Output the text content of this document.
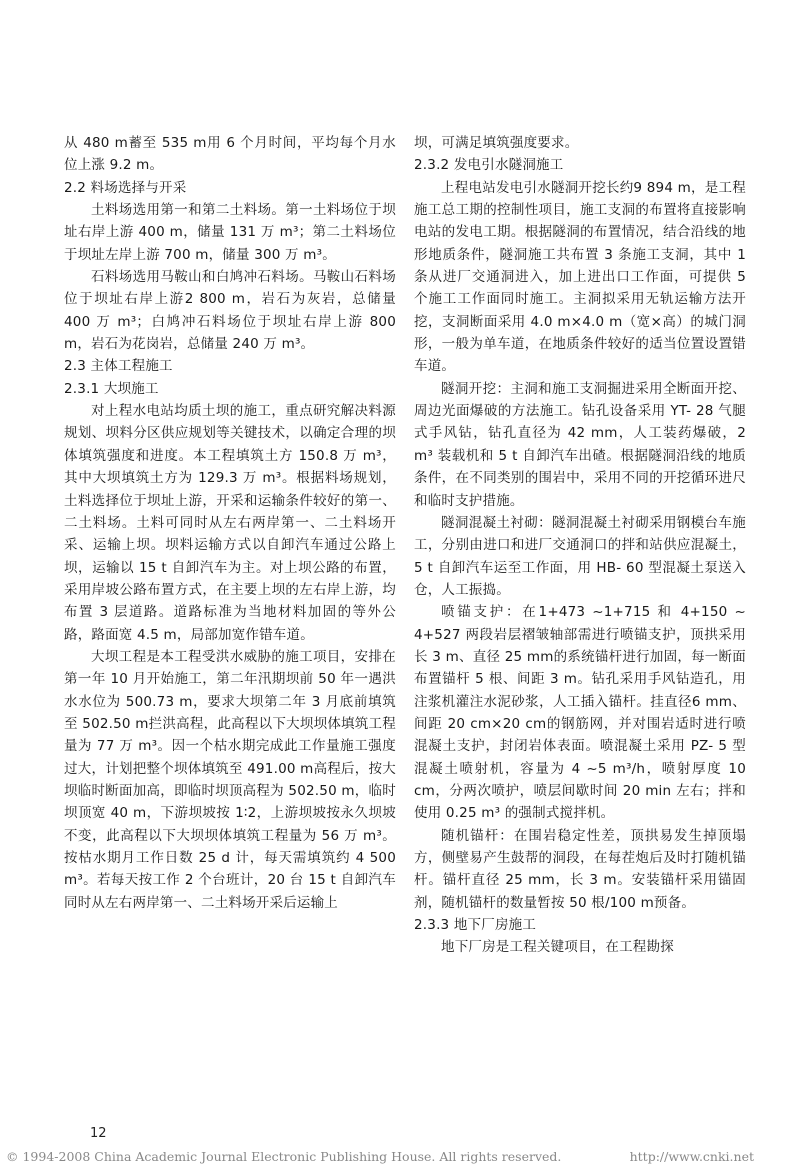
从 480 m蓄至 535 m用 6 个月时间，平均每个月水位上涨 9.2 m。

2.2 料场选择与开采

土料场选用第一和第二土料场。第一土料场位于坝址右岸上游 400 m，储量 131 万 m³；第二土料场位于坝址左岸上游 700 m，储量 300 万 m³。

石料场选用马鞍山和白鸠冲石料场。马鞍山石料场位于坝址右岸上游2 800 m，岩石为灰岩，总储量 400 万 m³；白鸠冲石料场位于坝址右岸上游 800 m，岩石为花岗岩，总储量 240 万 m³。

2.3 主体工程施工

2.3.1 大坝施工

对上程水电站均质土坝的施工，重点研究解决料源规划、坝料分区供应规划等关键技术，以确定合理的坝体填筑强度和进度。本工程填筑土方 150.8 万 m³，其中大坝填筑土方为 129.3 万 m³。根据料场规划，土料选择位于坝址上游，开采和运输条件较好的第一、二土料场。土料可同时从左右两岸第一、二土料场开采、运输上坝。坝料运输方式以自卸汽车通过公路上坝，运输以 15 t 自卸汽车为主。对上坝公路的布置，采用岸坡公路布置方式，在主要上坝的左右岸上游，均布置 3 层道路。道路标准为当地材料加固的等外公路，路面宽 4.5 m，局部加宽作错车道。

大坝工程是本工程受洪水威胁的施工项目，安排在第一年 10 月开始施工，第二年汛期坝前 50 年一遇洪水水位为 500.73 m，要求大坝第二年 3 月底前填筑至 502.50 m拦洪高程，此高程以下大坝坝体填筑工程量为 77 万 m³。因一个枯水期完成此工作量施工强度过大，计划把整个坝体填筑至 491.00 m高程后，按大坝临时断面加高，即临时坝顶高程为 502.50 m，临时坝顶宽 40 m，下游坝坡按 1∶2，上游坝坡按永久坝坡不变，此高程以下大坝坝体填筑工程量为 56 万 m³。按枯水期月工作日数 25 d 计，每天需填筑约 4 500 m³。若每天按工作 2 个台班计，20 台 15 t 自卸汽车同时从左右两岸第一、二土料场开采后运输上

坝，可满足填筑强度要求。

2.3.2 发电引水隧洞施工

上程电站发电引水隧洞开挖长约9 894 m，是工程施工总工期的控制性项目，施工支洞的布置将直接影响电站的发电工期。根据隧洞的布置情况，结合沿线的地形地质条件，隧洞施工共布置 3 条施工支洞，其中 1 条从进厂交通洞进入，加上进出口工作面，可提供 5 个施工工作面同时施工。主洞拟采用无轨运输方法开挖，支洞断面采用 4.0 m×4.0 m（宽×高）的城门洞形，一般为单车道，在地质条件较好的适当位置设置错车道。

隧洞开挖：主洞和施工支洞掘进采用全断面开挖、周边光面爆破的方法施工。钻孔设备采用 YT- 28 气腿式手风钻，钻孔直径为 42 mm，人工装药爆破，2 m³ 装载机和 5 t 自卸汽车出碴。根据隧洞沿线的地质条件，在不同类别的围岩中，采用不同的开挖循环进尺和临时支护措施。

隧洞混凝土衬砌：隧洞混凝土衬砌采用钢模台车施工，分别由进口和进厂交通洞口的拌和站供应混凝土，5 t 自卸汽车运至工作面，用 HB- 60 型混凝土泵送入仓，人工振捣。

喷锚支护：在1+473 ~1+715 和 4+150 ~ 4+527 两段岩层褶皱轴部需进行喷锚支护，顶拱采用长 3 m、直径 25 mm的系统锚杆进行加固，每一断面布置锚杆 5 根、间距 3 m。钻孔采用手风钻造孔，用注浆机灌注水泥砂浆，人工插入锚杆。挂直径6 mm、间距 20 cm×20 cm的钢筋网，并对围岩适时进行喷混凝土支护，封闭岩体表面。喷混凝土采用 PZ- 5 型混凝土喷射机，容量为 4 ~5 m³/h，喷射厚度 10 cm，分两次喷护，喷层间歇时间 20 min 左右；拌和使用 0.25 m³ 的强制式搅拌机。

随机锚杆：在围岩稳定性差，顶拱易发生掉顶塌方，侧壁易产生鼓帮的洞段，在每茬炮后及时打随机锚杆。锚杆直径 25 mm，长 3 m。安装锚杆采用锚固剂，随机锚杆的数量暂按 50 根/100 m预备。

2.3.3 地下厂房施工

地下厂房是工程关键项目，在工程勘探

12
© 1994-2008 China Academic Journal Electronic Publishing House. All rights reserved.	http://www.cnki.net
